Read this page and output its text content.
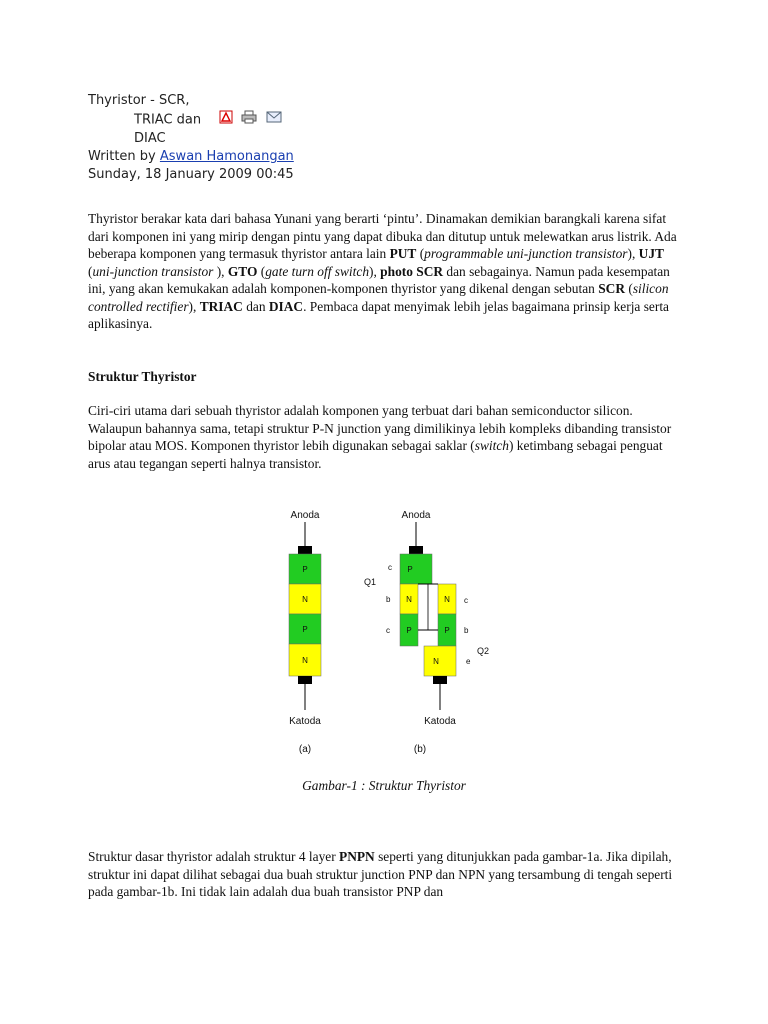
Thyristor - SCR,
TRIAC dan
DIAC
Written by Aswan Hamonangan
Sunday, 18 January 2009 00:45
Thyristor berakar kata dari bahasa Yunani yang berarti ‘pintu’. Dinamakan demikian barangkali karena sifat dari komponen ini yang mirip dengan pintu yang dapat dibuka dan ditutup untuk melewatkan arus listrik. Ada beberapa komponen yang termasuk thyristor antara lain PUT (programmable uni-junction transistor), UJT (uni-junction transistor ), GTO (gate turn off switch), photo SCR dan sebagainya. Namun pada kesempatan ini, yang akan kemukakan adalah komponen-komponen thyristor yang dikenal dengan sebutan SCR (silicon controlled rectifier), TRIAC dan DIAC. Pembaca dapat menyimak lebih jelas bagaimana prinsip kerja serta aplikasinya.
Struktur Thyristor
Ciri-ciri utama dari sebuah thyristor adalah komponen yang terbuat dari bahan semiconductor silicon. Walaupun bahannya sama, tetapi struktur P-N junction yang dimilikinya lebih kompleks dibanding transistor bipolar atau MOS. Komponen thyristor lebih digunakan sebagai saklar (switch) ketimbang sebagai penguat arus atau tegangan seperti halnya transistor.
Anoda
P
N
P
N
Katoda
(a)
Anoda
P
N
P
N
P
N
Katoda
(b)
c
Q1
b
c
c
b
e
Q2
Gambar-1 : Struktur Thyristor
Struktur dasar thyristor adalah struktur 4 layer PNPN seperti yang ditunjukkan pada gambar-1a. Jika dipilah, struktur ini dapat dilihat sebagai dua buah struktur junction PNP dan NPN yang tersambung di tengah seperti pada gambar-1b. Ini tidak lain adalah dua buah transistor PNP dan
